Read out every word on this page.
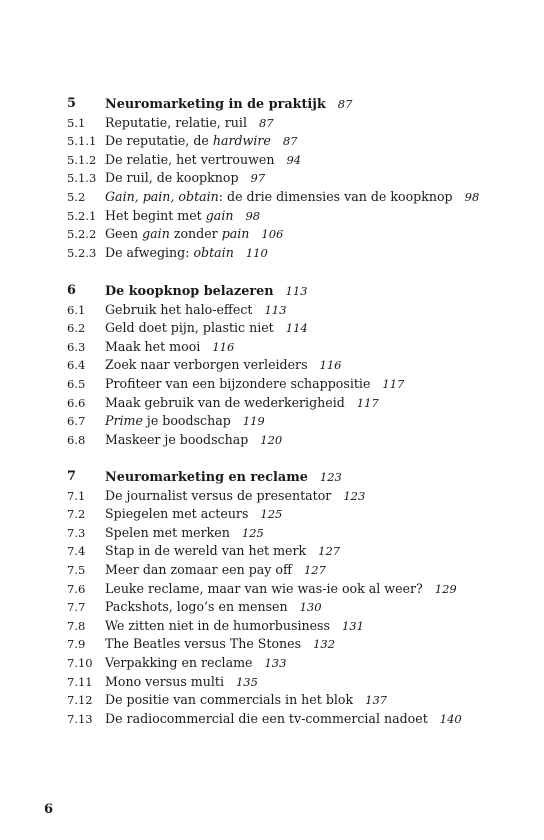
5 Neuromarketing in de praktijk 87
5.1 Reputatie, relatie, ruil 87
5.1.1 De reputatie, de hardwire 87
5.1.2 De relatie, het vertrouwen 94
5.1.3 De ruil, de koopknop 97
5.2 Gain, pain, obtain: de drie dimensies van de koopknop 98
5.2.1 Het begint met gain 98
5.2.2 Geen gain zonder pain 106
5.2.3 De afweging: obtain 110
6 De koopknop belazeren 113
6.1 Gebruik het halo-effect 113
6.2 Geld doet pijn, plastic niet 114
6.3 Maak het mooi 116
6.4 Zoek naar verborgen verleiders 116
6.5 Profiteer van een bijzondere schappositie 117
6.6 Maak gebruik van de wederkerigheid 117
6.7 Prime je boodschap 119
6.8 Maskeer je boodschap 120
7 Neuromarketing en reclame 123
7.1 De journalist versus de presentator 123
7.2 Spiegelen met acteurs 125
7.3 Spelen met merken 125
7.4 Stap in de wereld van het merk 127
7.5 Meer dan zomaar een pay off 127
7.6 Leuke reclame, maar van wie was-ie ook al weer? 129
7.7 Packshots, logo’s en mensen 130
7.8 We zitten niet in de humorbusiness 131
7.9 The Beatles versus The Stones 132
7.10 Verpakking en reclame 133
7.11 Mono versus multi 135
7.12 De positie van commercials in het blok 137
7.13 De radiocommercial die een tv-commercial nadoet 140
6
